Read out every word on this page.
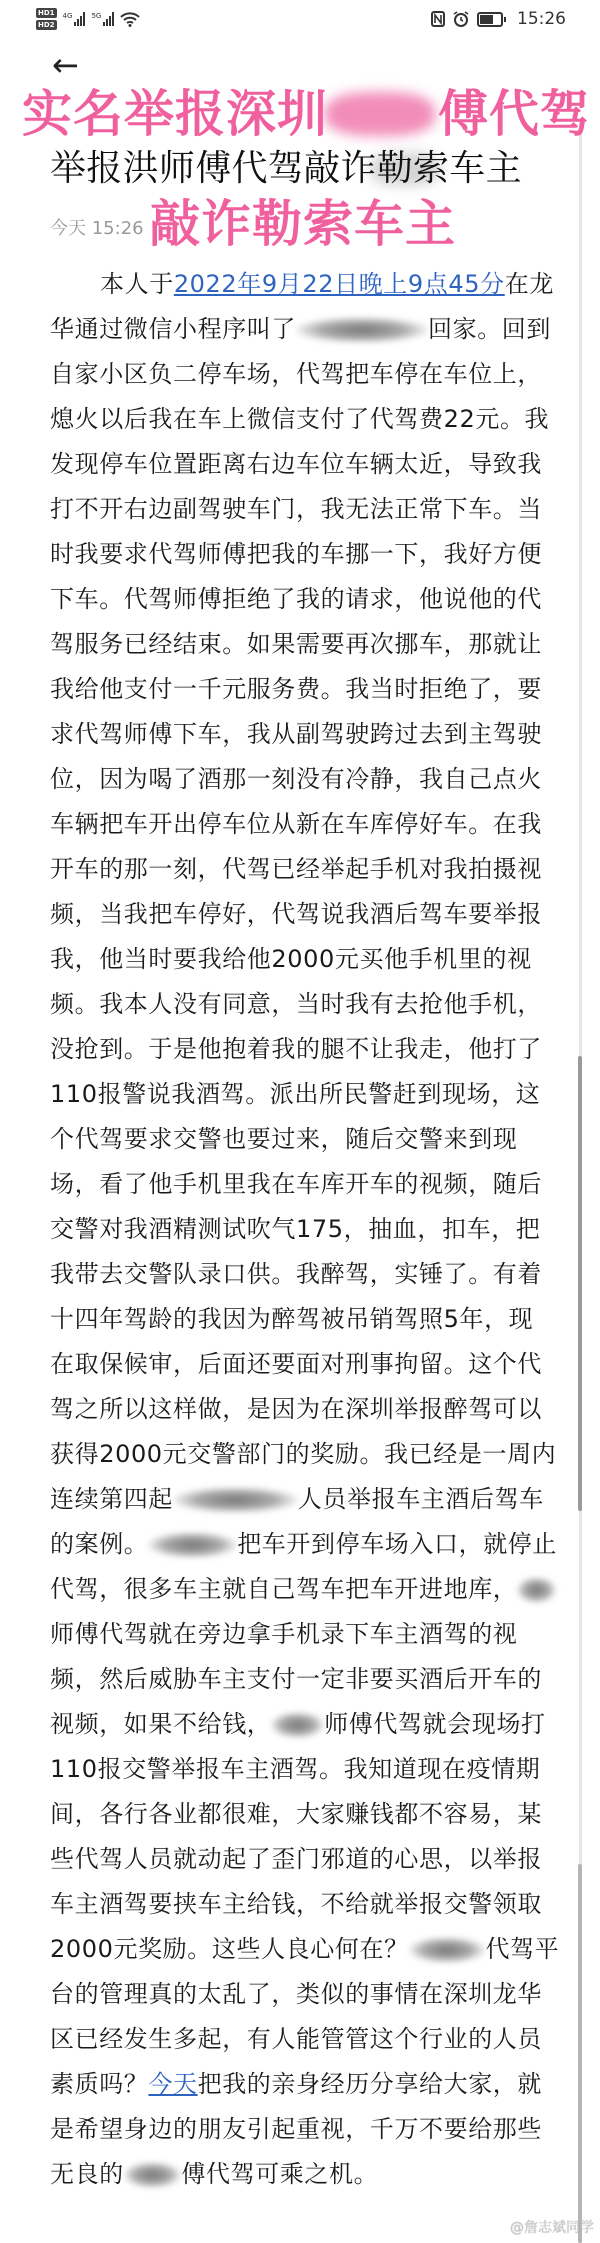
HD1
HD2
4G	5G	15:26
←
实名举报深圳 傅代驾
举报洪师傅代驾敲诈勒索车主
今天 15:26 敲诈勒索车主
本人于2022年9月22日晚上9点45分在龙
华通过微信小程序叫了	回家。回到
自家小区负二停车场，代驾把车停在车位上，
熄火以后我在车上微信支付了代驾费22元。我
发现停车位置距离右边车位车辆太近，导致我
打不开右边副驾驶车门，我无法正常下车。当
时我要求代驾师傅把我的车挪一下，我好方便
下车。代驾师傅拒绝了我的请求，他说他的代
驾服务已经结束。如果需要再次挪车，那就让
我给他支付一千元服务费。我当时拒绝了，要
求代驾师傅下车，我从副驾驶跨过去到主驾驶
位，因为喝了酒那一刻没有冷静，我自己点火
车辆把车开出停车位从新在车库停好车。在我
开车的那一刻，代驾已经举起手机对我拍摄视
频，当我把车停好，代驾说我酒后驾车要举报
我，他当时要我给他2000元买他手机里的视
频。我本人没有同意，当时我有去抢他手机，
没抢到。于是他抱着我的腿不让我走，他打了
110报警说我酒驾。派出所民警赶到现场，这
个代驾要求交警也要过来，随后交警来到现
场，看了他手机里我在车库开车的视频，随后
交警对我酒精测试吹气175，抽血，扣车，把
我带去交警队录口供。我醉驾，实锤了。有着
十四年驾龄的我因为醉驾被吊销驾照5年，现
在取保候审，后面还要面对刑事拘留。这个代
驾之所以这样做，是因为在深圳举报醉驾可以
获得2000元交警部门的奖励。我已经是一周内
连续第四起	人员举报车主酒后驾车
的案例。	把车开到停车场入口，就停止
代驾，很多车主就自己驾车把车开进地库，
师傅代驾就在旁边拿手机录下车主酒驾的视
频，然后威胁车主支付一定非要买酒后开车的
视频，如果不给钱， 师傅代驾就会现场打
110报交警举报车主酒驾。我知道现在疫情期
间，各行各业都很难，大家赚钱都不容易，某
些代驾人员就动起了歪门邪道的心思，以举报
车主酒驾要挟车主给钱，不给就举报交警领取
2000元奖励。这些人良心何在？	代驾平
台的管理真的太乱了，类似的事情在深圳龙华
区已经发生多起，有人能管管这个行业的人员
素质吗？今天把我的亲身经历分享给大家，就
是希望身边的朋友引起重视，千万不要给那些
无良的 傅代驾可乘之机。
@詹志斌同学
